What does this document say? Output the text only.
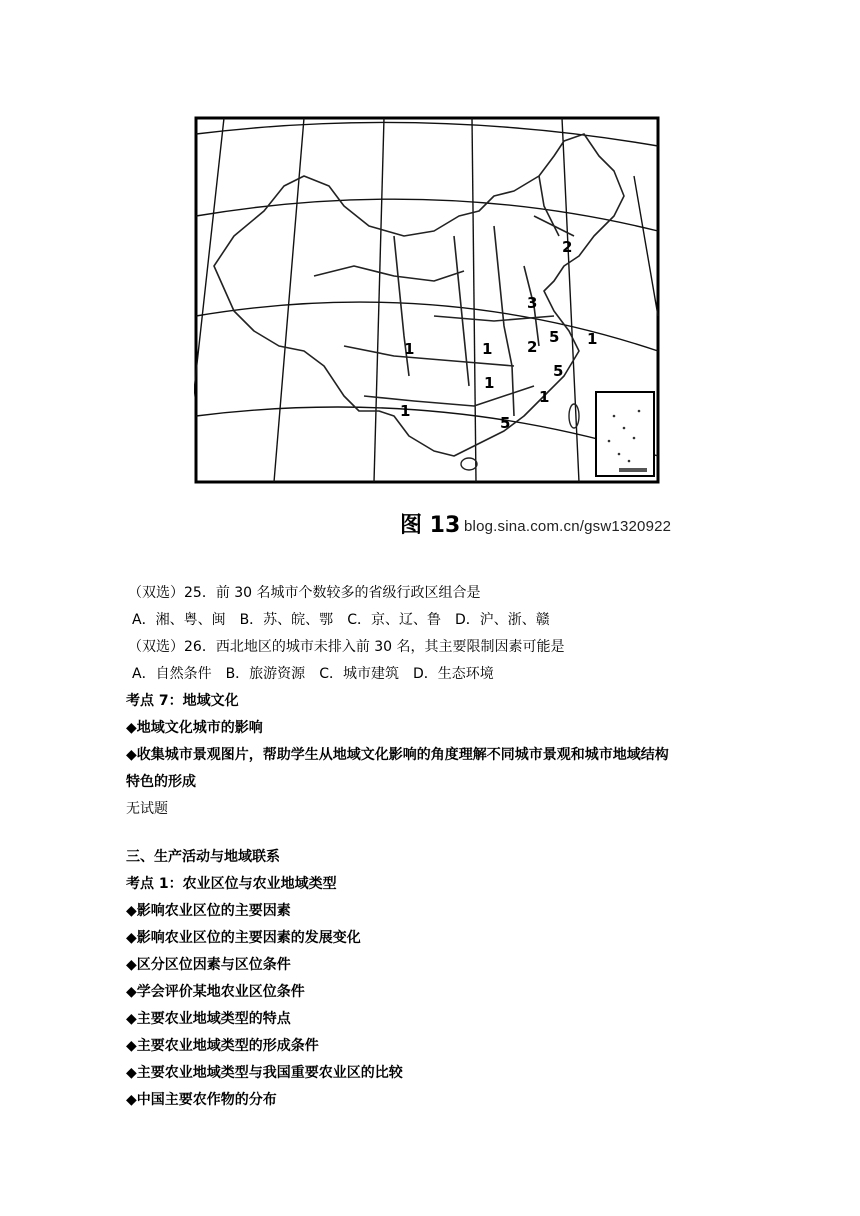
1	1
1
1
1
1
2
2
3
5
5
5
图 13 blog.sina.com.cn/gsw1320922
（双选）25．前 30 名城市个数较多的省级行政区组合是
A．湘、粤、闽 B．苏、皖、鄂 C．京、辽、鲁 D．沪、浙、赣
（双选）26．西北地区的城市未排入前 30 名，其主要限制因素可能是
A．自然条件 B．旅游资源 C．城市建筑 D．生态环境
考点 7：地域文化
◆地域文化城市的影响
◆收集城市景观图片，帮助学生从地域文化影响的角度理解不同城市景观和城市地域结构
特色的形成
无试题
三、生产活动与地域联系
考点 1：农业区位与农业地域类型
◆影响农业区位的主要因素
◆影响农业区位的主要因素的发展变化
◆区分区位因素与区位条件
◆学会评价某地农业区位条件
◆主要农业地域类型的特点
◆主要农业地域类型的形成条件
◆主要农业地域类型与我国重要农业区的比较
◆中国主要农作物的分布
